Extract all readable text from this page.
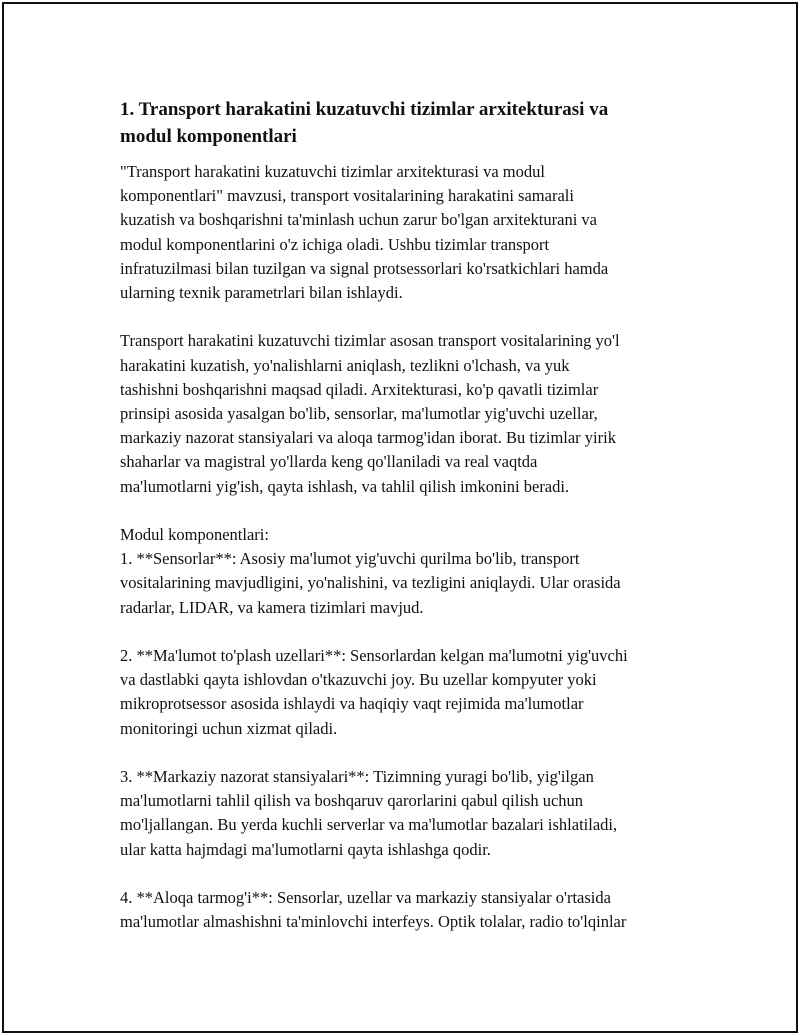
1. Transport harakatini kuzatuvchi tizimlar arxitekturasi va
modul komponentlari

"Transport harakatini kuzatuvchi tizimlar arxitekturasi va modul
komponentlari" mavzusi, transport vositalarining harakatini samarali
kuzatish va boshqarishni ta'minlash uchun zarur bo'lgan arxitekturani va
modul komponentlarini o'z ichiga oladi. Ushbu tizimlar transport
infratuzilmasi bilan tuzilgan va signal protsessorlari ko'rsatkichlari hamda
ularning texnik parametrlari bilan ishlaydi.

Transport harakatini kuzatuvchi tizimlar asosan transport vositalarining yo'l
harakatini kuzatish, yo'nalishlarni aniqlash, tezlikni o'lchash, va yuk
tashishni boshqarishni maqsad qiladi. Arxitekturasi, ko'p qavatli tizimlar
prinsipi asosida yasalgan bo'lib, sensorlar, ma'lumotlar yig'uvchi uzellar,
markaziy nazorat stansiyalari va aloqa tarmog'idan iborat. Bu tizimlar yirik
shaharlar va magistral yo'llarda keng qo'llaniladi va real vaqtda
ma'lumotlarni yig'ish, qayta ishlash, va tahlil qilish imkonini beradi.

Modul komponentlari:
1. **Sensorlar**: Asosiy ma'lumot yig'uvchi qurilma bo'lib, transport
vositalarining mavjudligini, yo'nalishini, va tezligini aniqlaydi. Ular orasida
radarlar, LIDAR, va kamera tizimlari mavjud.

2. **Ma'lumot to'plash uzellari**: Sensorlardan kelgan ma'lumotni yig'uvchi
va dastlabki qayta ishlovdan o'tkazuvchi joy. Bu uzellar kompyuter yoki
mikroprotsessor asosida ishlaydi va haqiqiy vaqt rejimida ma'lumotlar
monitoringi uchun xizmat qiladi.

3. **Markaziy nazorat stansiyalari**: Tizimning yuragi bo'lib, yig'ilgan
ma'lumotlarni tahlil qilish va boshqaruv qarorlarini qabul qilish uchun
mo'ljallangan. Bu yerda kuchli serverlar va ma'lumotlar bazalari ishlatiladi,
ular katta hajmdagi ma'lumotlarni qayta ishlashga qodir.

4. **Aloqa tarmog'i**: Sensorlar, uzellar va markaziy stansiyalar o'rtasida
ma'lumotlar almashishni ta'minlovchi interfeys. Optik tolalar, radio to'lqinlar
